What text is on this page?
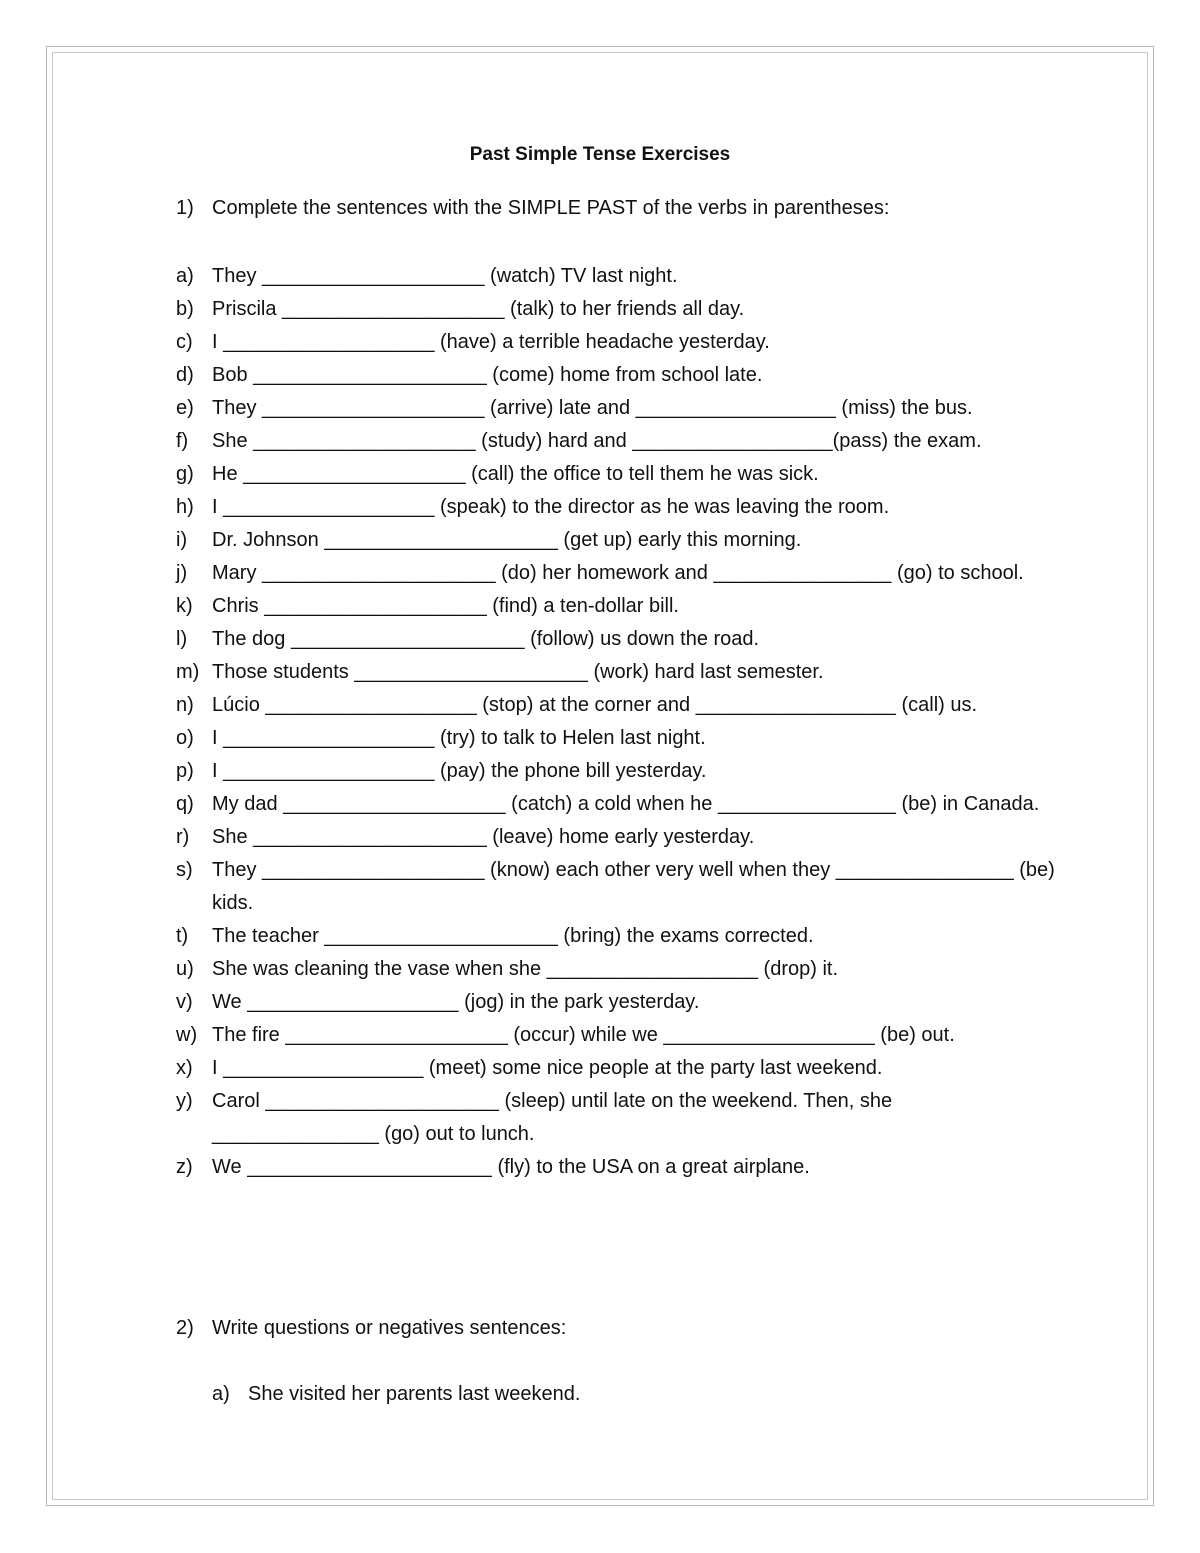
Past Simple Tense Exercises
1) Complete the sentences with the SIMPLE PAST of the verbs in parentheses:
a) They ____________________ (watch) TV last night.
b) Priscila ____________________ (talk) to her friends all day.
c) I ___________________ (have) a terrible headache yesterday.
d) Bob _____________________ (come) home from school late.
e) They ____________________ (arrive) late and __________________ (miss) the bus.
f)	She ____________________ (study) hard and __________________(pass) the exam.
g) He ____________________ (call) the office to tell them he was sick.
h) I ___________________ (speak) to the director as he was leaving the room.
i)	Dr. Johnson _____________________ (get up) early this morning.
j)	Mary _____________________ (do) her homework and ________________ (go) to school.
k) Chris ____________________ (find) a ten-dollar bill.
l)	The dog _____________________ (follow) us down the road.
m) Those students _____________________ (work) hard last semester.
n) Lúcio ___________________ (stop) at the corner and __________________ (call) us.
o) I ___________________ (try) to talk to Helen last night.
p) I ___________________ (pay) the phone bill yesterday.
q) My dad ____________________ (catch) a cold when he ________________ (be) in Canada.
r)	She _____________________ (leave) home early yesterday.
s) They ____________________ (know) each other very well when they ________________ (be) kids.
t)	The teacher _____________________ (bring) the exams corrected.
u) She was cleaning the vase when she ___________________ (drop) it.
v) We ___________________ (jog) in the park yesterday.
w) The fire ____________________ (occur) while we ___________________ (be) out.
x) I __________________ (meet) some nice people at the party last weekend.
y) Carol _____________________ (sleep) until late on the weekend. Then, she _______________ (go) out to lunch.
z) We ______________________ (fly) to the USA on a great airplane.
2) Write questions or negatives sentences:
a) She visited her parents last weekend.
